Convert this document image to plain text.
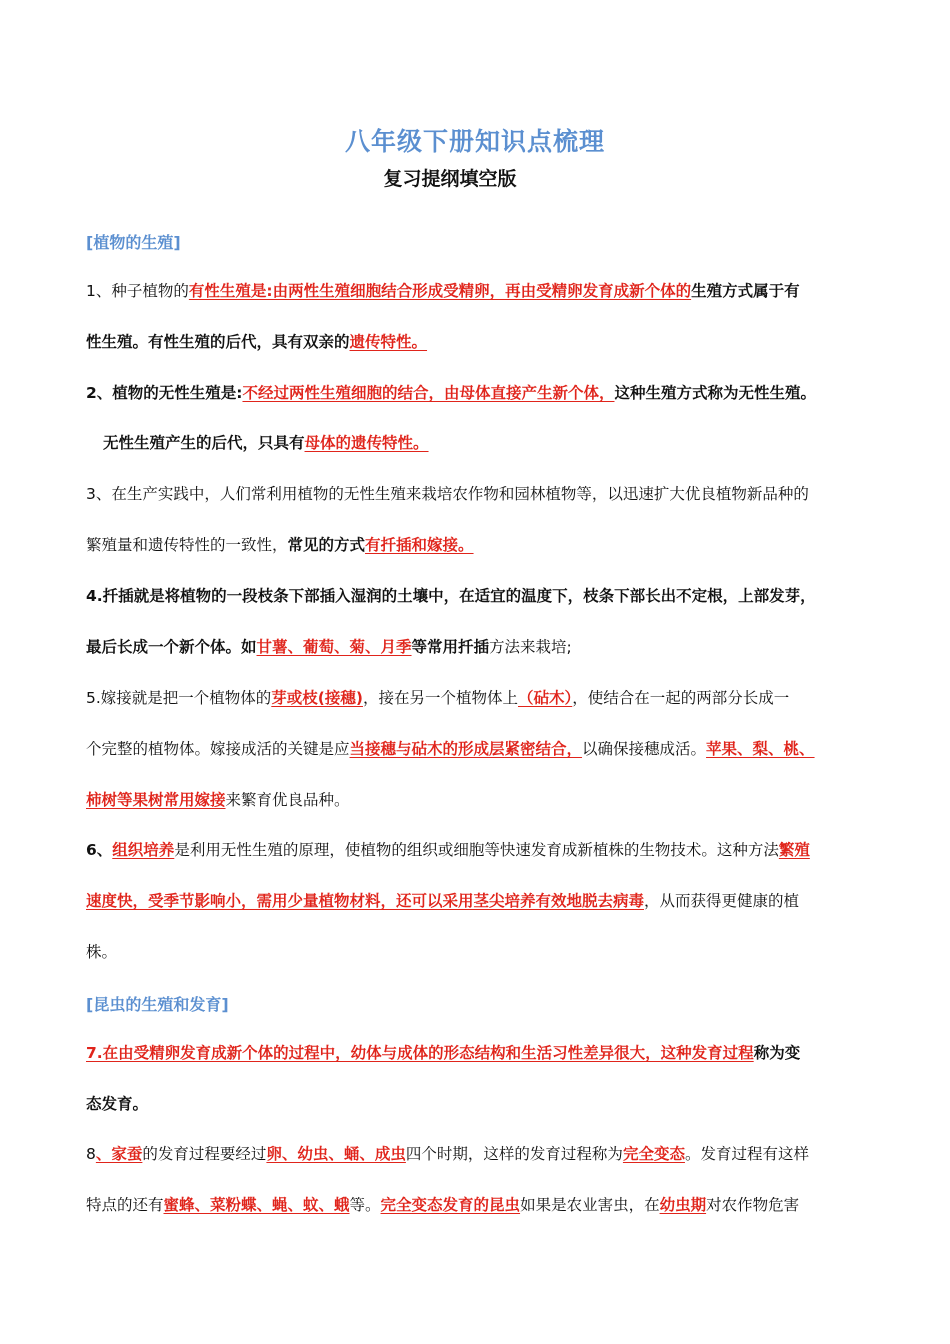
八年级下册知识点梳理
复习提纲填空版
[植物的生殖]
1、种子植物的有性生殖是:由两性生殖细胞结合形成受精卵，再由受精卵发育成新个体的生殖方式属于有
性生殖。有性生殖的后代，具有双亲的遗传特性。
2、植物的无性生殖是:不经过两性生殖细胞的结合，由母体直接产生新个体，这种生殖方式称为无性生殖。
无性生殖产生的后代，只具有母体的遗传特性。
3、在生产实践中，人们常利用植物的无性生殖来栽培农作物和园林植物等，以迅速扩大优良植物新品种的
繁殖量和遗传特性的一致性，常见的方式有扦插和嫁接。
4.扦插就是将植物的一段枝条下部插入湿润的土壤中，在适宜的温度下，枝条下部长出不定根，上部发芽，
最后长成一个新个体。如甘薯、葡萄、菊、月季等常用扦插方法来栽培;
5.嫁接就是把一个植物体的芽或枝(接穗)，接在另一个植物体上（砧木），使结合在一起的两部分长成一
个完整的植物体。嫁接成活的关键是应当接穗与砧木的形成层紧密结合，以确保接穗成活。苹果、梨、桃、
柿树等果树常用嫁接来繁育优良品种。
6、组织培养是利用无性生殖的原理，使植物的组织或细胞等快速发育成新植株的生物技术。这种方法繁殖
速度快，受季节影响小，需用少量植物材料，还可以采用茎尖培养有效地脱去病毒，从而获得更健康的植
株。
[昆虫的生殖和发育]
7.在由受精卵发育成新个体的过程中，幼体与成体的形态结构和生活习性差异很大，这种发育过程称为变
态发育。
8、家蚕的发育过程要经过卵、幼虫、蛹、成虫四个时期，这样的发育过程称为完全变态。发育过程有这样
特点的还有蜜蜂、菜粉蝶、蝇、蚊、蛾等。完全变态发育的昆虫如果是农业害虫，在幼虫期对农作物危害
